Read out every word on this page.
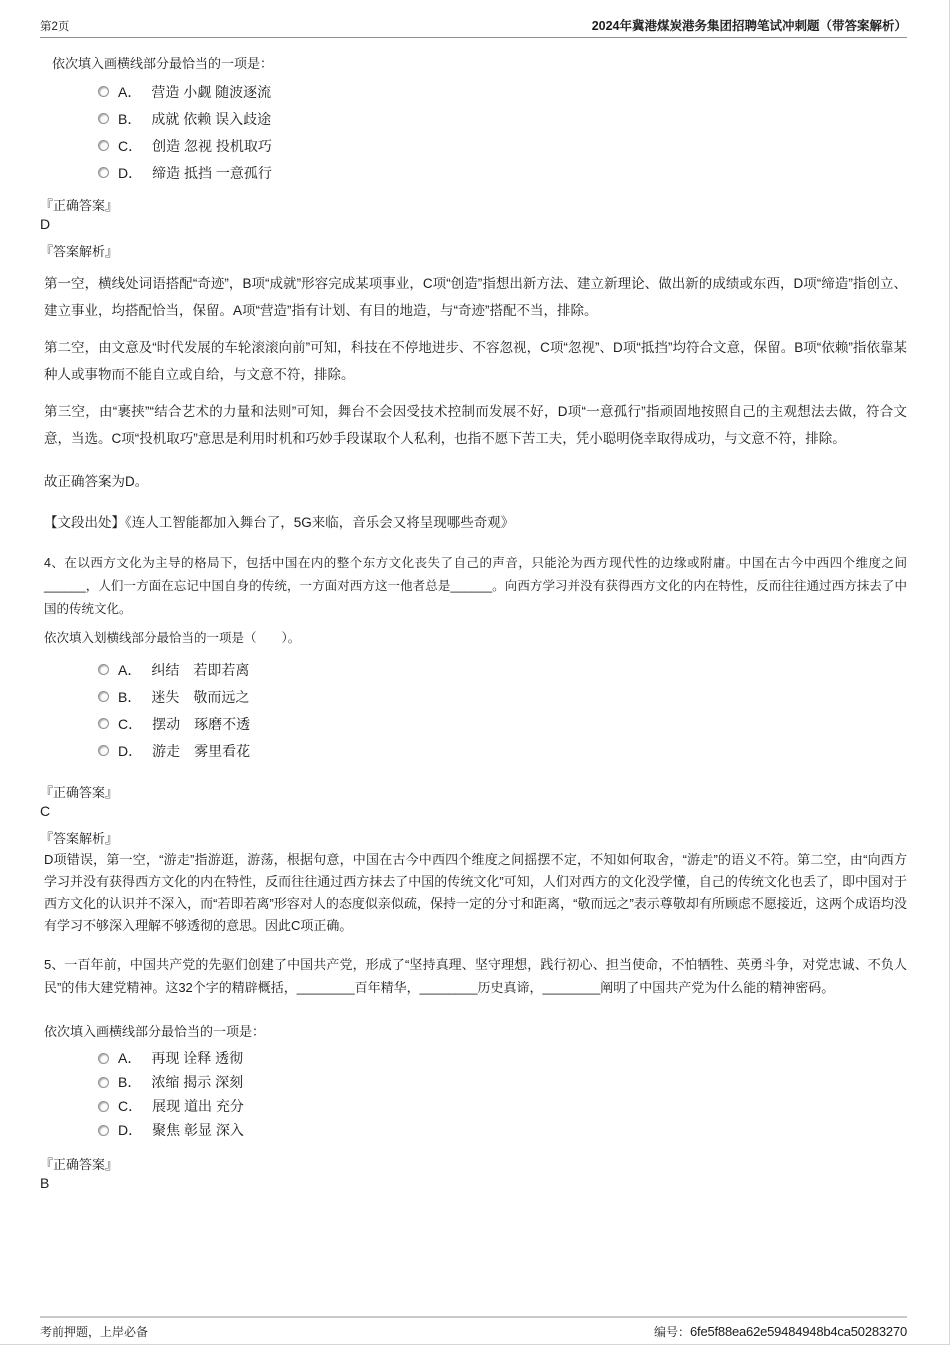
第2页	2024年冀港煤炭港务集团招聘笔试冲刺题（带答案解析）

依次填入画横线部分最恰当的一项是：

A． 营造 小觑 随波逐流
B． 成就 依赖 误入歧途
C． 创造 忽视 投机取巧
D． 缔造 抵挡 一意孤行

『正确答案』

D

『答案解析』

第一空，横线处词语搭配“奇迹”，B项“成就”形容完成某项事业，C项“创造”指想出新方法、建立新理论、做出新的成绩或东西，D项“缔造”指创立、建立事业，均搭配恰当，保留。A项“营造”指有计划、有目的地造，与“奇迹”搭配不当，排除。

第二空，由文意及“时代发展的车轮滚滚向前”可知，科技在不停地进步、不容忽视，C项“忽视”、D项“抵挡”均符合文意，保留。B项“依赖”指依靠某种人或事物而不能自立或自给，与文意不符，排除。

第三空，由“裹挟”“结合艺术的力量和法则”可知，舞台不会因受技术控制而发展不好，D项“一意孤行”指顽固地按照自己的主观想法去做，符合文意，当选。C项“投机取巧”意思是利用时机和巧妙手段谋取个人私利，也指不愿下苦工夫，凭小聪明侥幸取得成功，与文意不符，排除。

故正确答案为D。

【文段出处】《连人工智能都加入舞台了，5G来临，音乐会又将呈现哪些奇观》

4、在以西方文化为主导的格局下，包括中国在内的整个东方文化丧失了自己的声音，只能沦为西方现代性的边缘或附庸。中国在古今中西四个维度之间______，人们一方面在忘记中国自身的传统，一方面对西方这一他者总是______。向西方学习并没有获得西方文化的内在特性，反而往往通过西方抹去了中国的传统文化。

依次填入划横线部分最恰当的一项是（　　）。

A． 纠结　若即若离
B． 迷失　敬而远之
C． 摆动　琢磨不透
D． 游走　雾里看花

『正确答案』

C

『答案解析』

D项错误，第一空，“游走”指游逛，游荡，根据句意，中国在古今中西四个维度之间摇摆不定，不知如何取舍，“游走”的语义不符。第二空，由“向西方学习并没有获得西方文化的内在特性，反而往往通过西方抹去了中国的传统文化”可知，人们对西方的文化没学懂，自己的传统文化也丢了，即中国对于西方文化的认识并不深入，而“若即若离”形容对人的态度似亲似疏，保持一定的分寸和距离，“敬而远之”表示尊敬却有所顾虑不愿接近，这两个成语均没有学习不够深入理解不够透彻的意思。因此C项正确。

5、一百年前，中国共产党的先驱们创建了中国共产党，形成了“坚持真理、坚守理想，践行初心、担当使命，不怕牺牲、英勇斗争，对党忠诚、不负人民”的伟大建党精神。这32个字的精辟概括，________百年精华，________历史真谛，________阐明了中国共产党为什么能的精神密码。

依次填入画横线部分最恰当的一项是：

A． 再现 诠释 透彻
B． 浓缩 揭示 深刻
C． 展现 道出 充分
D． 聚焦 彰显 深入

『正确答案』

B

考前押题，上岸必备	编号：6fe5f88ea62e59484948b4ca50283270
